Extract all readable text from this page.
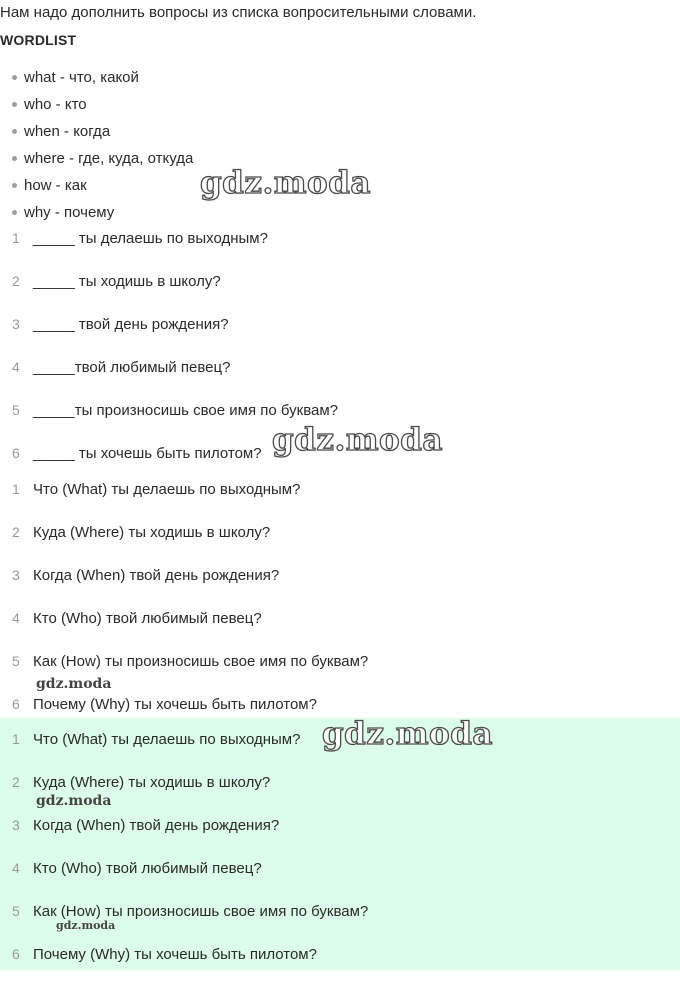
Нам надо дополнить вопросы из списка вопросительными словами.
WORDLIST
what - что, какой
who - кто
when - когда
where - где, куда, откуда
how - как
why - почему
1 _____ ты делаешь по выходным?
2 _____ ты ходишь в школу?
3 _____ твой день рождения?
4 _____твой любимый певец?
5 _____ты произносишь свое имя по буквам?
6 _____ ты хочешь быть пилотом?
1 Что (What) ты делаешь по выходным?
2 Куда (Where) ты ходишь в школу?
3 Когда (When) твой день рождения?
4 Кто (Who) твой любимый певец?
5 Как (How) ты произносишь свое имя по буквам?
6 Почему (Why) ты хочешь быть пилотом?
1 Что (What) ты делаешь по выходным?
2 Куда (Where) ты ходишь в школу?
3 Когда (When) твой день рождения?
4 Кто (Who) твой любимый певец?
5 Как (How) ты произносишь свое имя по буквам?
6 Почему (Why) ты хочешь быть пилотом?
gdz.moda
gdz.moda
gdz.moda
gdz.moda
gdz.moda
gdz.moda
